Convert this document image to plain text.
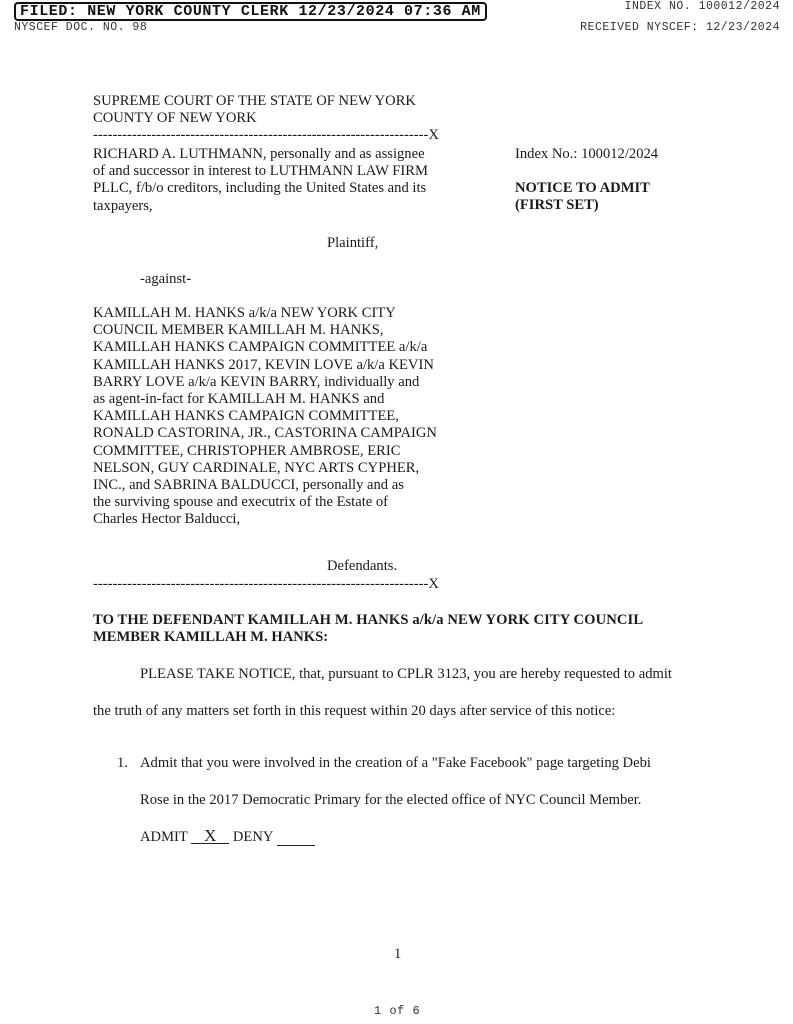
FILED: NEW YORK COUNTY CLERK 12/23/2024 07:36 AM	INDEX NO. 100012/2024
NYSCEF DOC. NO. 98	RECEIVED NYSCEF: 12/23/2024
SUPREME COURT OF THE STATE OF NEW YORK
COUNTY OF NEW YORK
---------------------------------------------------------------------X
RICHARD A. LUTHMANN, personally and as assignee
of and successor in interest to LUTHMANN LAW FIRM
PLLC, f/b/o creditors, including the United States and its
taxpayers,
Index No.: 100012/2024
NOTICE TO ADMIT
(FIRST SET)
Plaintiff,
-against-
KAMILLAH M. HANKS a/k/a NEW YORK CITY
COUNCIL MEMBER KAMILLAH M. HANKS,
KAMILLAH HANKS CAMPAIGN COMMITTEE a/k/a
KAMILLAH HANKS 2017, KEVIN LOVE a/k/a KEVIN
BARRY LOVE a/k/a KEVIN BARRY, individually and
as agent-in-fact for KAMILLAH M. HANKS and
KAMILLAH HANKS CAMPAIGN COMMITTEE,
RONALD CASTORINA, JR., CASTORINA CAMPAIGN
COMMITTEE, CHRISTOPHER AMBROSE, ERIC
NELSON, GUY CARDINALE, NYC ARTS CYPHER,
INC., and SABRINA BALDUCCI, personally and as
the surviving spouse and executrix of the Estate of
Charles Hector Balducci,
Defendants.
---------------------------------------------------------------------X
TO THE DEFENDANT KAMILLAH M. HANKS a/k/a NEW YORK CITY COUNCIL
MEMBER KAMILLAH M. HANKS:
PLEASE TAKE NOTICE, that, pursuant to CPLR 3123, you are hereby requested to admit
the truth of any matters set forth in this request within 20 days after service of this notice:
1. Admit that you were involved in the creation of a "Fake Facebook" page targeting Debi
Rose in the 2017 Democratic Primary for the elected office of NYC Council Member.
ADMIT X DENY
1
1 of 6
